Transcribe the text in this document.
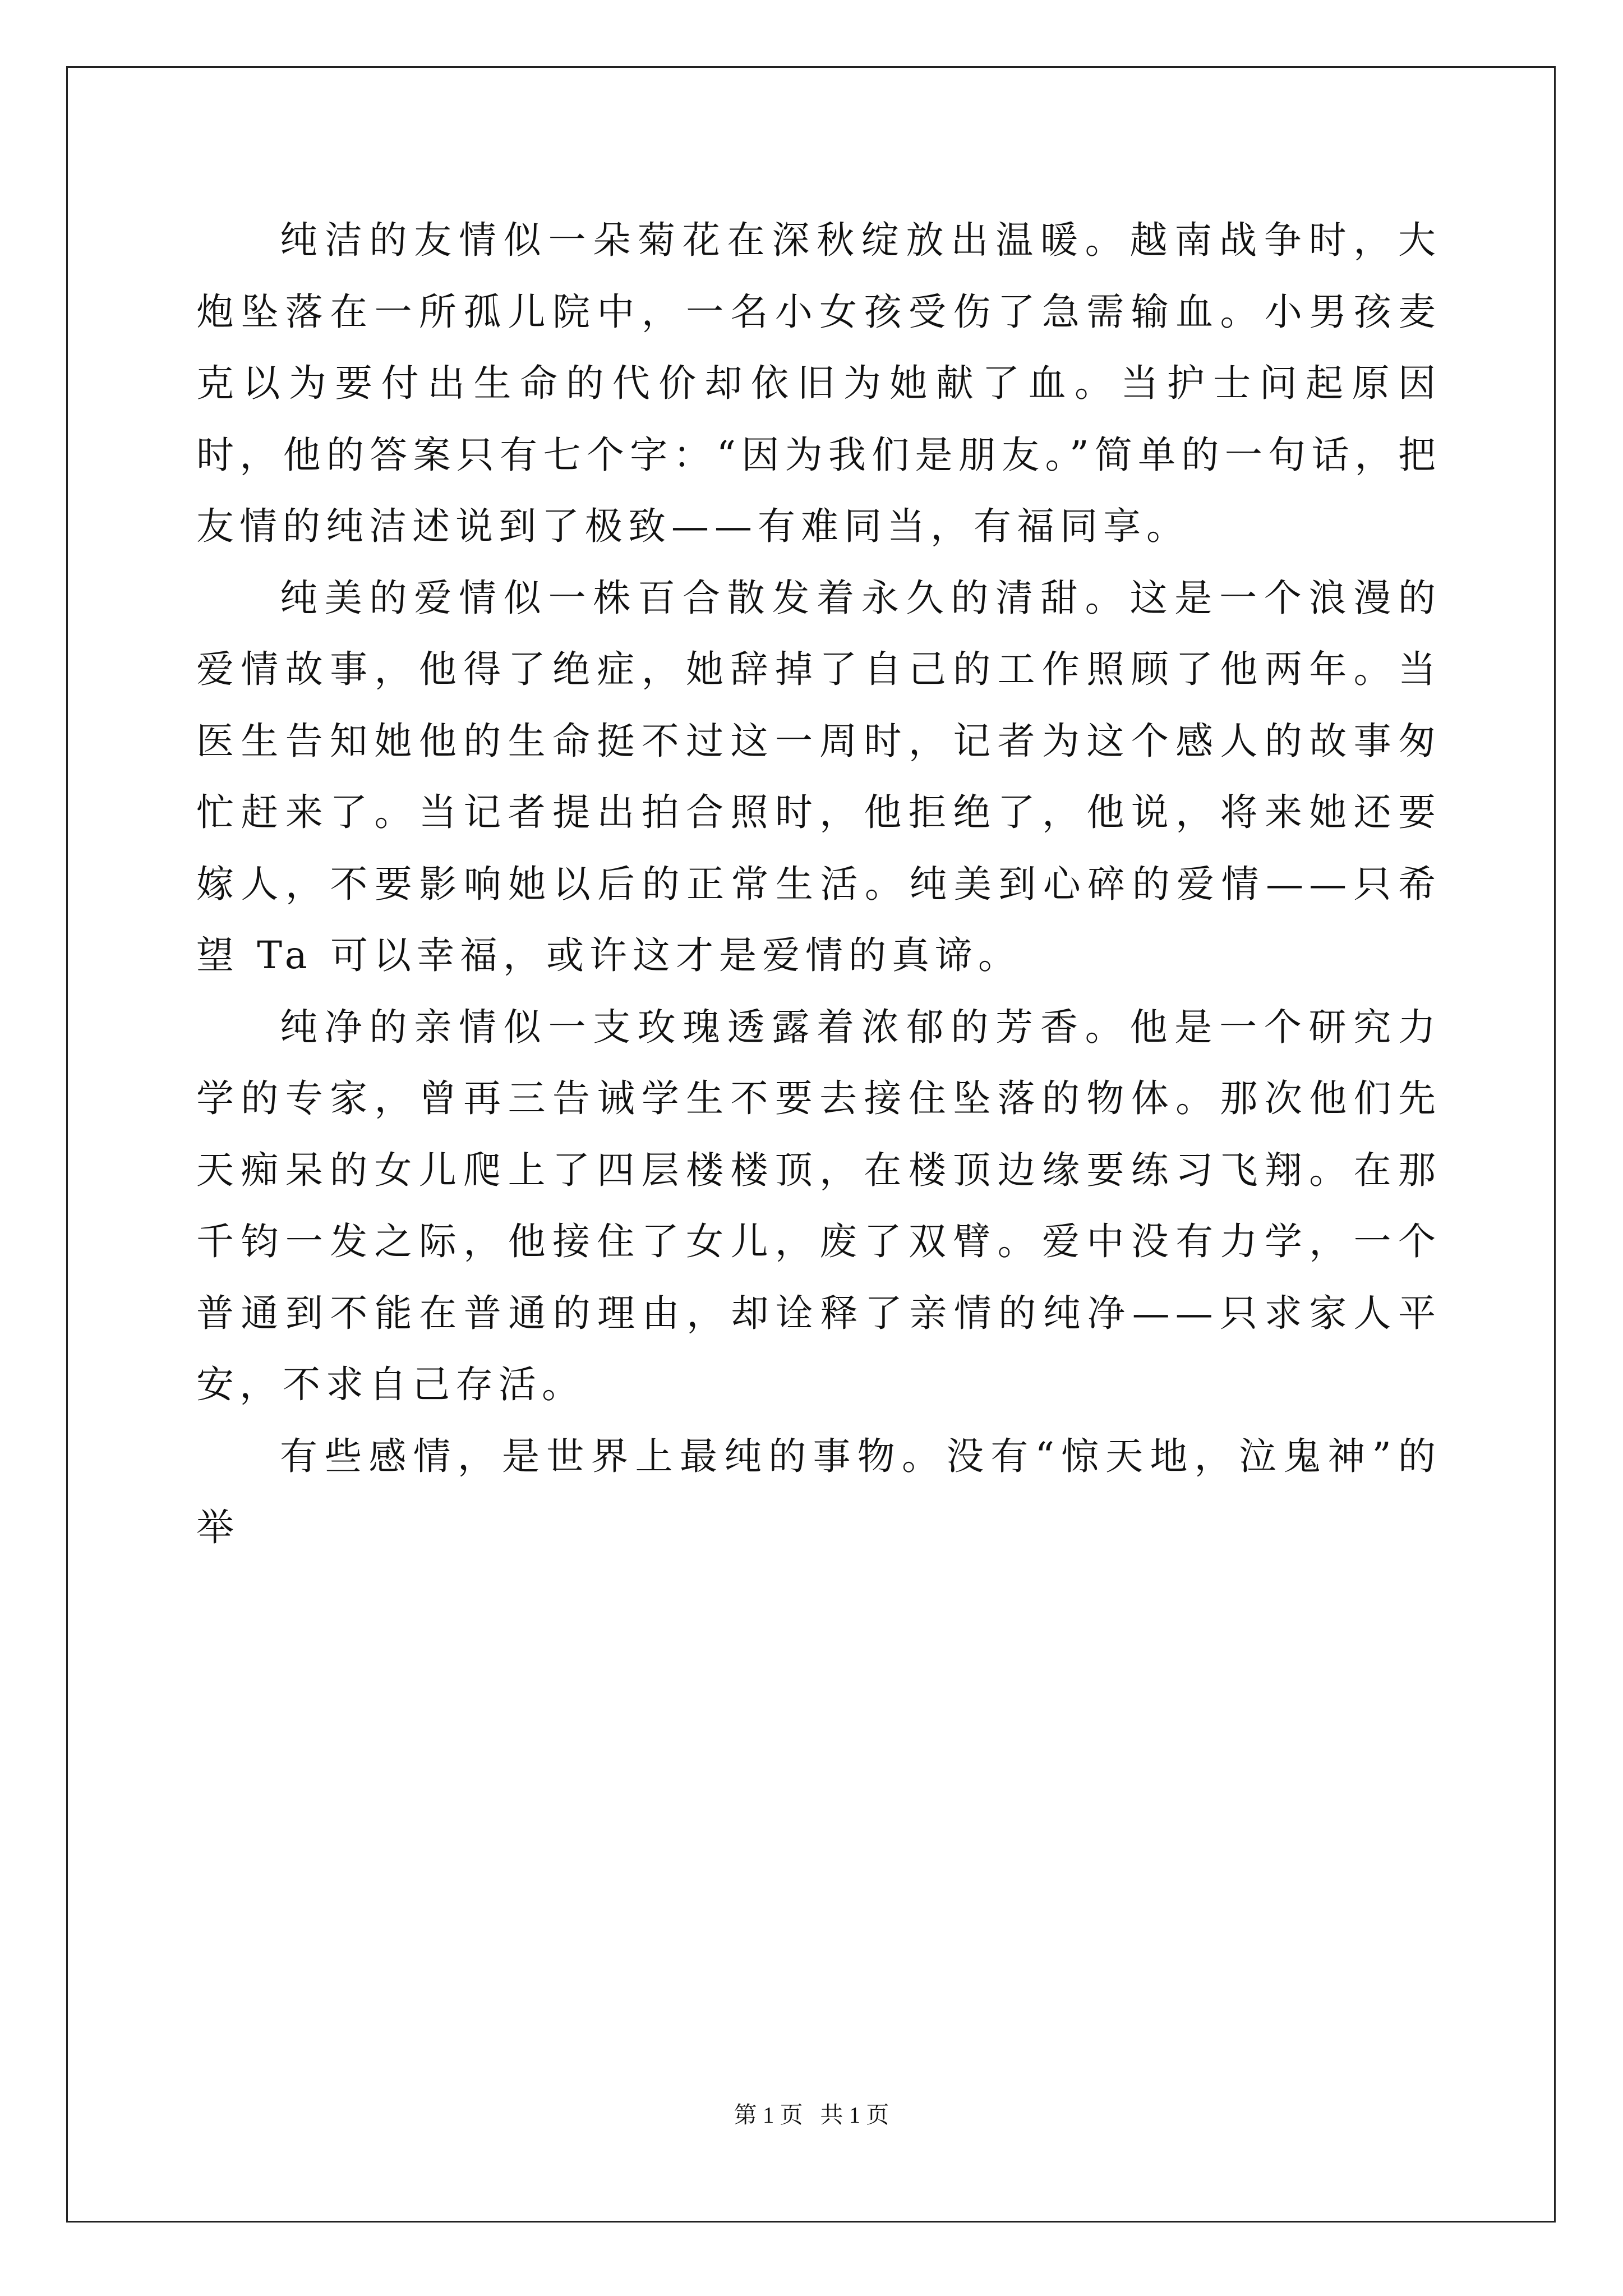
纯洁的友情似一朵菊花在深秋绽放出温暖。越南战争时，大炮坠落在一所孤儿院中，一名小女孩受伤了急需输血。小男孩麦克以为要付出生命的代价却依旧为她献了血。当护士问起原因时，他的答案只有七个字：“因为我们是朋友。”简单的一句话，把友情的纯洁述说到了极致——有难同当，有福同享。

纯美的爱情似一株百合散发着永久的清甜。这是一个浪漫的爱情故事，他得了绝症，她辞掉了自己的工作照顾了他两年。当医生告知她他的生命挺不过这一周时，记者为这个感人的故事匆忙赶来了。当记者提出拍合照时，他拒绝了，他说，将来她还要嫁人，不要影响她以后的正常生活。纯美到心碎的爱情——只希望 Ta 可以幸福，或许这才是爱情的真谛。

纯净的亲情似一支玫瑰透露着浓郁的芳香。他是一个研究力学的专家，曾再三告诫学生不要去接住坠落的物体。那次他们先天痴呆的女儿爬上了四层楼楼顶，在楼顶边缘要练习飞翔。在那千钧一发之际，他接住了女儿，废了双臂。爱中没有力学，一个普通到不能在普通的理由，却诠释了亲情的纯净——只求家人平安，不求自己存活。

有些感情，是世界上最纯的事物。没有“惊天地，泣鬼神”的举

第 1 页   共 1 页
